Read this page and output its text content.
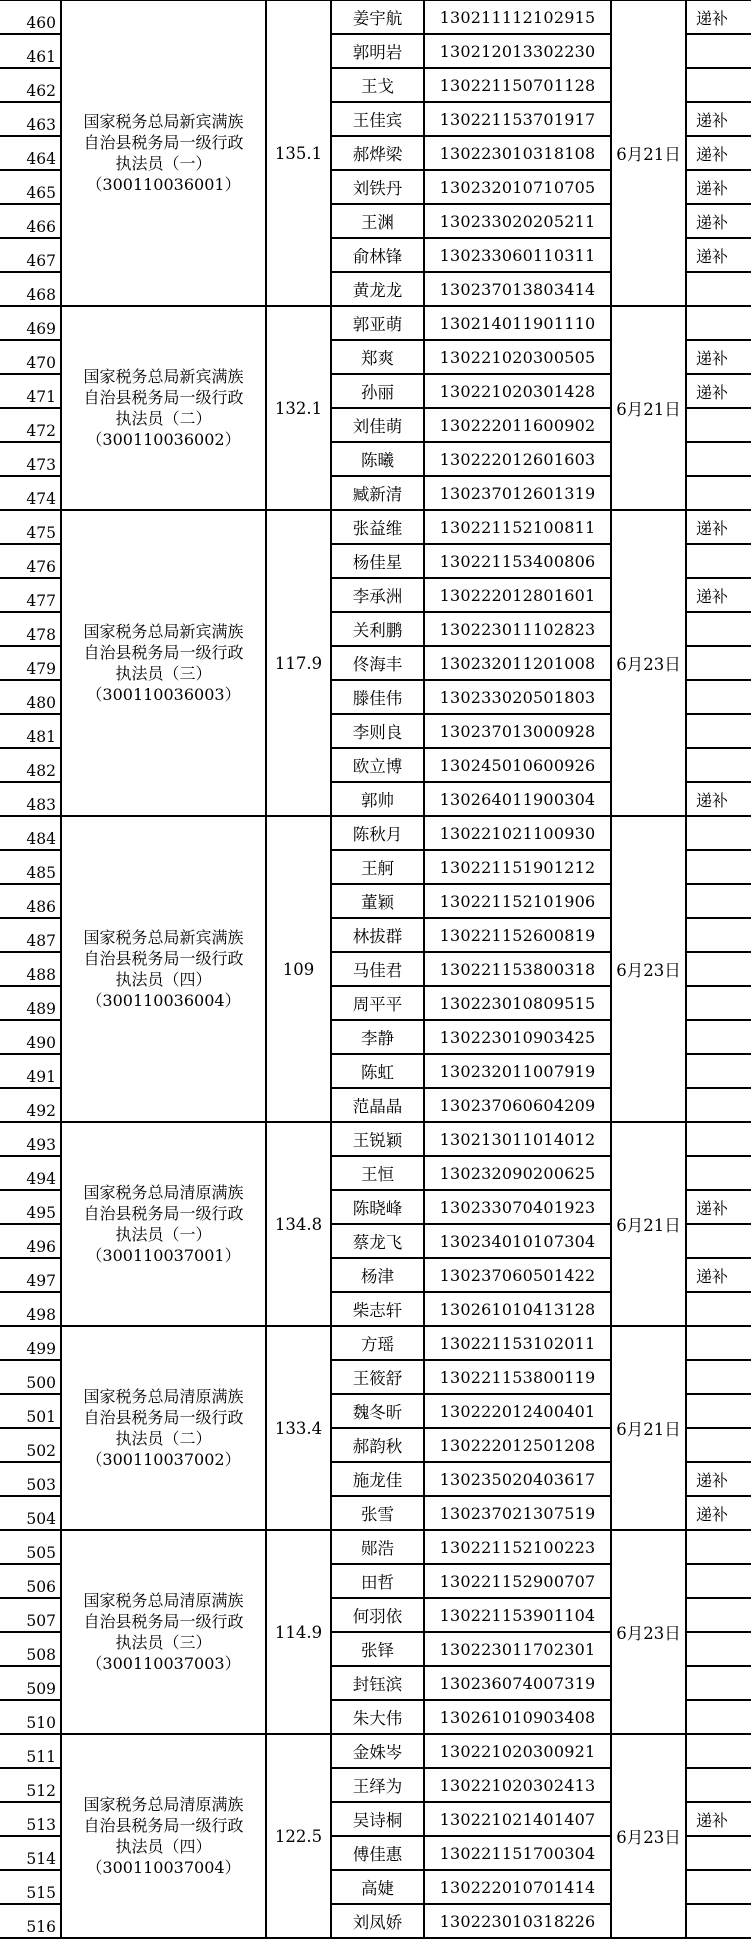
460	姜宇航	130211112102915	递补
461	郭明岩	130212013302230
462	王戈	130221150701128
463	王佳宾	130221153701917	递补
464	郝烨梁	130223010318108	递补
465	刘铁丹	130232010710705	递补
466	王渊	130233020205211	递补
467	俞林锋	130233060110311	递补
468	黄龙龙	130237013803414
国家税务总局新宾满族
自治县税务局一级行政
执法员（一）
（300110036001）
135.1	6月21日
469	郭亚萌	130214011901110
470	郑爽	130221020300505	递补
471	孙丽	130221020301428	递补
472	刘佳萌	130222011600902
473	陈曦	130222012601603
474	臧新清	130237012601319
国家税务总局新宾满族
自治县税务局一级行政
执法员（二）
（300110036002）
132.1	6月21日
475	张益维	130221152100811	递补
476	杨佳星	130221153400806
477	李承洲	130222012801601	递补
478	关利鹏	130223011102823
479	佟海丰	130232011201008
480	滕佳伟	130233020501803
481	李则良	130237013000928
482	欧立博	130245010600926
483	郭帅	130264011900304	递补
国家税务总局新宾满族
自治县税务局一级行政
执法员（三）
（300110036003）
117.9	6月23日
484	陈秋月	130221021100930
485	王舸	130221151901212
486	董颖	130221152101906
487	林拔群	130221152600819
488	马佳君	130221153800318
489	周平平	130223010809515
490	李静	130223010903425
491	陈虹	130232011007919
492	范晶晶	130237060604209
国家税务总局新宾满族
自治县税务局一级行政
执法员（四）
（300110036004）
109	6月23日
493	王锐颖	130213011014012
494	王恒	130232090200625
495	陈晓峰	130233070401923	递补
496	蔡龙飞	130234010107304
497	杨津	130237060501422	递补
498	柴志轩	130261010413128
国家税务总局清原满族
自治县税务局一级行政
执法员（一）
（300110037001）
134.8	6月21日
499	方瑶	130221153102011
500	王筱舒	130221153800119
501	魏冬昕	130222012400401
502	郝韵秋	130222012501208
503	施龙佳	130235020403617	递补
504	张雪	130237021307519	递补
国家税务总局清原满族
自治县税务局一级行政
执法员（二）
（300110037002）
133.4	6月21日
505	郧浩	130221152100223
506	田哲	130221152900707
507	何羽依	130221153901104
508	张铎	130223011702301
509	封钰滨	130236074007319
510	朱大伟	130261010903408
国家税务总局清原满族
自治县税务局一级行政
执法员（三）
（300110037003）
114.9	6月23日
511	金姝岑	130221020300921
512	王绎为	130221020302413
513	吴诗桐	130221021401407	递补
514	傅佳惠	130221151700304
515	高婕	130222010701414
516	刘凤娇	130223010318226
国家税务总局清原满族
自治县税务局一级行政
执法员（四）
（300110037004）
122.5	6月23日
